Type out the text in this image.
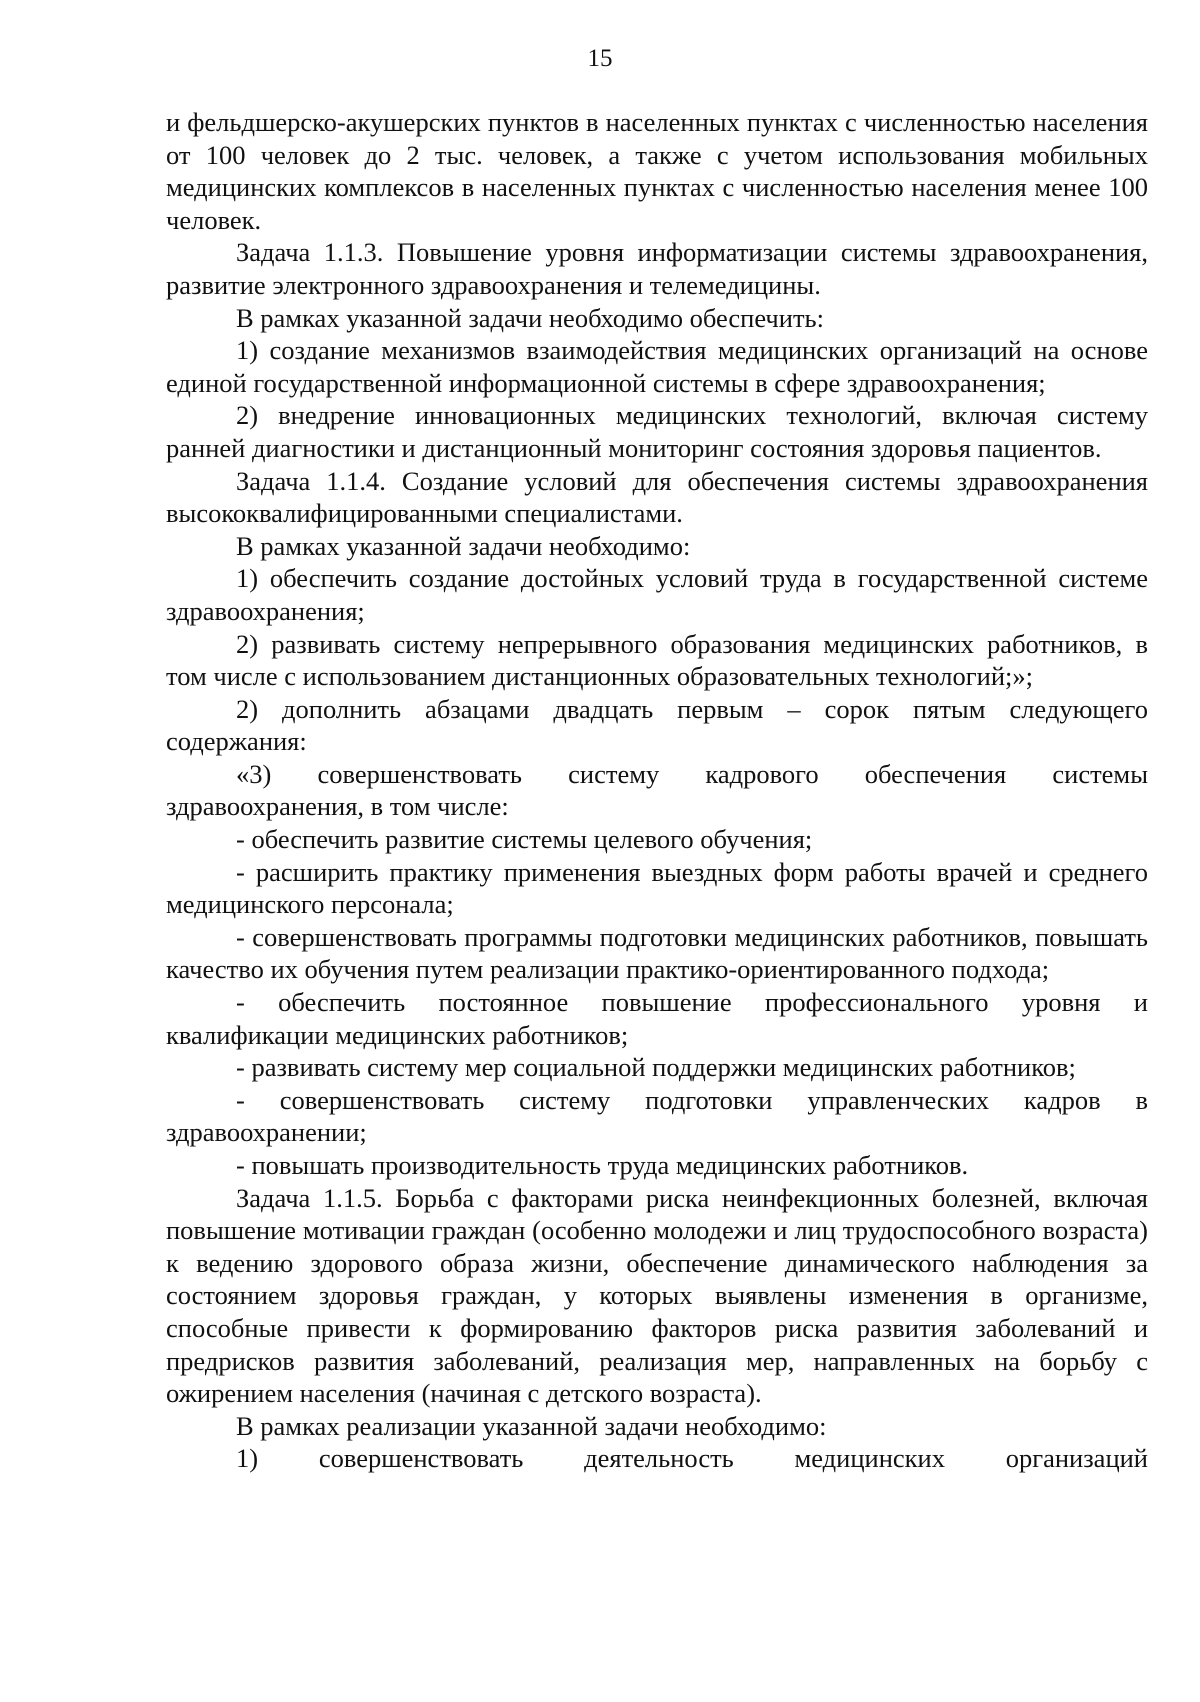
15

и фельдшерско-акушерских пунктов в населенных пунктах с численностью населения от 100 человек до 2 тыс. человек, а также с учетом использования мобильных медицинских комплексов в населенных пунктах с численностью населения менее 100 человек.

Задача 1.1.3. Повышение уровня информатизации системы здравоохранения, развитие электронного здравоохранения и телемедицины.

В рамках указанной задачи необходимо обеспечить:

1) создание механизмов взаимодействия медицинских организаций на основе единой государственной информационной системы в сфере здравоохранения;

2) внедрение инновационных медицинских технологий, включая систему ранней диагностики и дистанционный мониторинг состояния здоровья пациентов.

Задача 1.1.4. Создание условий для обеспечения системы здравоохранения высококвалифицированными специалистами.

В рамках указанной задачи необходимо:

1) обеспечить создание достойных условий труда в государственной системе здравоохранения;

2) развивать систему непрерывного образования медицинских работников, в том числе с использованием дистанционных образовательных технологий;»;

2) дополнить абзацами двадцать первым – сорок пятым следующего содержания:

«3) совершенствовать систему кадрового обеспечения системы здравоохранения, в том числе:

- обеспечить развитие системы целевого обучения;

- расширить практику применения выездных форм работы врачей и среднего медицинского персонала;

- совершенствовать программы подготовки медицинских работников, повышать качество их обучения путем реализации практико-ориентированного подхода;

- обеспечить постоянное повышение профессионального уровня и квалификации медицинских работников;

- развивать систему мер социальной поддержки медицинских работников;

- совершенствовать систему подготовки управленческих кадров в здравоохранении;

- повышать производительность труда медицинских работников.

Задача 1.1.5. Борьба с факторами риска неинфекционных болезней, включая повышение мотивации граждан (особенно молодежи и лиц трудоспособного возраста) к ведению здорового образа жизни, обеспечение динамического наблюдения за состоянием здоровья граждан, у которых выявлены изменения в организме, способные привести к формированию факторов риска развития заболеваний и предрисков развития заболеваний, реализация мер, направленных на борьбу с ожирением населения (начиная с детского возраста).

В рамках реализации указанной задачи необходимо:

1) совершенствовать деятельность медицинских организаций
